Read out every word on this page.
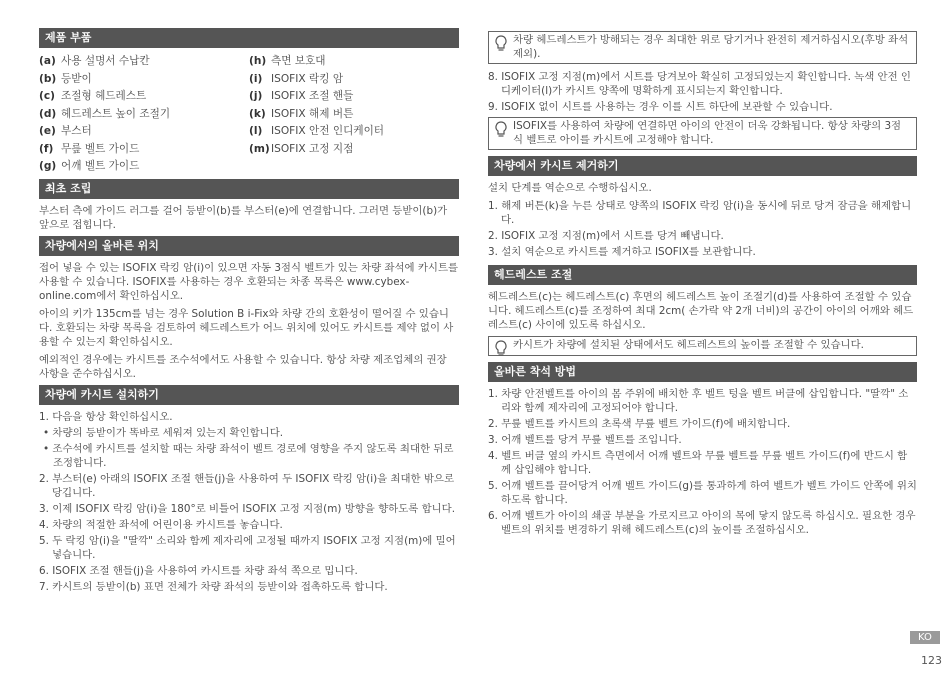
제품 부품
(a) 사용 설명서 수납칸
(b) 등받이
(c) 조절형 헤드레스트
(d) 헤드레스트 높이 조절기
(e) 부스터
(f) 무릎 벨트 가이드
(g) 어깨 벨트 가이드
(h) 측면 보호대
(i) ISOFIX 락킹 암
(j) ISOFIX 조절 핸들
(k) ISOFIX 해제 버튼
(l) ISOFIX 안전 인디케이터
(m)ISOFIX 고정 지점
최초 조립

부스터 측에 가이드 러그를 걸어 등받이(b)를 부스터(e)에 연결합니다. 그러면 등받이(b)가 앞으로 접힙니다.

차량에서의 올바른 위치

접어 넣을 수 있는 ISOFIX 락킹 암(i)이 있으면 자동 3점식 벨트가 있는 차량 좌석에 카시트를 사용할 수 있습니다. ISOFIX를 사용하는 경우 호환되는 차종 목록은 www.cybex-online.com에서 확인하십시오.

아이의 키가 135cm를 넘는 경우 Solution B i-Fix와 차량 간의 호환성이 떨어질 수 있습니다. 호환되는 차량 목록을 검토하여 헤드레스트가 어느 위치에 있어도 카시트를 제약 없이 사용할 수 있는지 확인하십시오.

예외적인 경우에는 카시트를 조수석에서도 사용할 수 있습니다. 항상 차량 제조업체의 권장 사항을 준수하십시오.

차량에 카시트 설치하기

1. 다음을 항상 확인하십시오.

• 차량의 등받이가 똑바로 세워져 있는지 확인합니다.

• 조수석에 카시트를 설치할 때는 차량 좌석이 벨트 경로에 영향을 주지 않도록 최대한 뒤로 조정합니다.

2. 부스터(e) 아래의 ISOFIX 조절 핸들(j)을 사용하여 두 ISOFIX 락킹 암(i)을 최대한 밖으로 당깁니다.

3. 이제 ISOFIX 락킹 암(i)을 180°로 비틀어 ISOFIX 고정 지점(m) 방향을 향하도록 합니다.

4. 차량의 적절한 좌석에 어린이용 카시트를 놓습니다.

5. 두 락킹 암(i)을 "딸깍" 소리와 함께 제자리에 고정될 때까지 ISOFIX 고정 지점(m)에 밀어 넣습니다.

6. ISOFIX 조절 핸들(j)을 사용하여 카시트를 차량 좌석 쪽으로 밉니다.

7. 카시트의 등받이(b) 표면 전체가 차량 좌석의 등받이와 접촉하도록 합니다.

차량 헤드레스트가 방해되는 경우 최대한 위로 당기거나 완전히 제거하십시오(후방 좌석 제외).

8. ISOFIX 고정 지점(m)에서 시트를 당겨보아 확실히 고정되었는지 확인합니다. 녹색 안전 인디케이터(l)가 카시트 양쪽에 명확하게 표시되는지 확인합니다.

9. ISOFIX 없이 시트를 사용하는 경우 이를 시트 하단에 보관할 수 있습니다.

ISOFIX를 사용하여 차량에 연결하면 아이의 안전이 더욱 강화됩니다. 항상 차량의 3점식 벨트로 아이를 카시트에 고정해야 합니다.
차량에서 카시트 제거하기

설치 단계를 역순으로 수행하십시오.

1. 해제 버튼(k)을 누른 상태로 양쪽의 ISOFIX 락킹 암(i)을 동시에 뒤로 당겨 잠금을 해제합니다.

2. ISOFIX 고정 지점(m)에서 시트를 당겨 빼냅니다.

3. 설치 역순으로 카시트를 제거하고 ISOFIX를 보관합니다.

헤드레스트 조절

헤드레스트(c)는 헤드레스트(c) 후면의 헤드레스트 높이 조절기(d)를 사용하여 조절할 수 있습니다. 헤드레스트(c)를 조정하여 최대 2cm( 손가락 약 2개 너비)의 공간이 아이의 어깨와 헤드레스트(c) 사이에 있도록 하십시오.

카시트가 차량에 설치된 상태에서도 헤드레스트의 높이를 조절할 수 있습니다.
올바른 착석 방법

1. 차량 안전벨트를 아이의 몸 주위에 배치한 후 벨트 텅을 벨트 버클에 삽입합니다. "딸깍" 소리와 함께 제자리에 고정되어야 합니다.

2. 무릎 벨트를 카시트의 초록색 무릎 벨트 가이드(f)에 배치합니다.

3. 어깨 벨트를 당겨 무릎 벨트를 조입니다.

4. 벨트 버클 옆의 카시트 측면에서 어깨 벨트와 무릎 벨트를 무릎 벨트 가이드(f)에 반드시 함께 삽입해야 합니다.

5. 어깨 벨트를 끌어당겨 어깨 벨트 가이드(g)를 통과하게 하여 벨트가 벨트 가이드 안쪽에 위치하도록 합니다.

6. 어깨 벨트가 아이의 쇄골 부분을 가로지르고 아이의 목에 닿지 않도록 하십시오. 필요한 경우 벨트의 위치를 변경하기 위해 헤드레스트(c)의 높이를 조절하십시오.

KO
123
